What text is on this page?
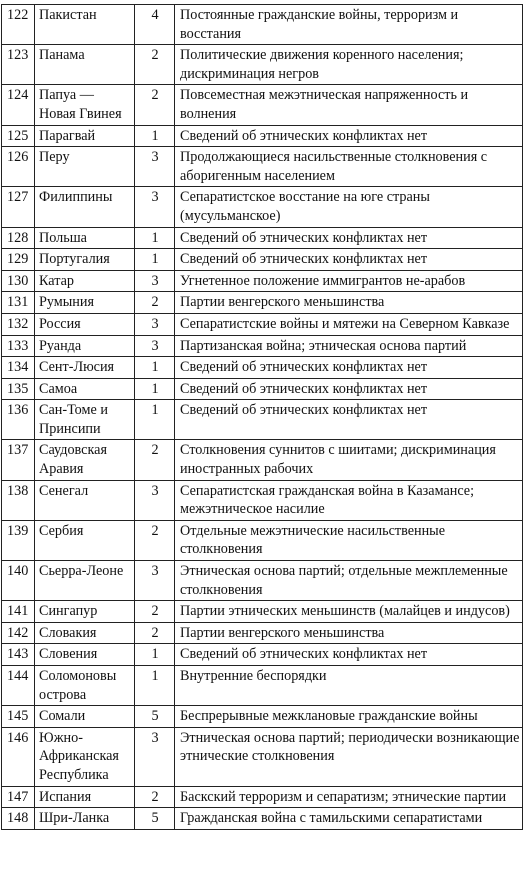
122	Пакистан	4	Постоянные гражданские войны, терроризм и восстания
123	Панама	2	Политические движения коренного населения; дискриминация негров
124	Папуа — Новая Гвинея	2	Повсеместная межэтническая напряженность и волнения
125	Парагвай	1	Сведений об этнических конфликтах нет
126	Перу	3	Продолжающиеся насильственные столкновения с аборигенным населением
127	Филиппины	3	Сепаратистское восстание на юге страны (мусульманское)
128	Польша	1	Сведений об этнических конфликтах нет
129	Португалия	1	Сведений об этнических конфликтах нет
130	Катар	3	Угнетенное положение иммигрантов не-арабов
131	Румыния	2	Партии венгерского меньшинства
132	Россия	3	Сепаратистские войны и мятежи на Северном Кавказе
133	Руанда	3	Партизанская война; этническая основа партий
134	Сент-Люсия	1	Сведений об этнических конфликтах нет
135	Самоа	1	Сведений об этнических конфликтах нет
136	Сан-Томе и Принсипи	1	Сведений об этнических конфликтах нет
137	Саудовская Аравия	2	Столкновения суннитов с шиитами; дискриминация иностранных рабочих
138	Сенегал	3	Сепаратистская гражданская война в Казамансе; межэтническое насилие
139	Сербия	2	Отдельные межэтнические насильственные столкновения
140	Сьерра-Леоне	3	Этническая основа партий; отдельные межплеменные столкновения
141	Сингапур	2	Партии этнических меньшинств (малайцев и индусов)
142	Словакия	2	Партии венгерского меньшинства
143	Словения	1	Сведений об этнических конфликтах нет
144	Соломоновы острова	1	Внутренние беспорядки
145	Сомали	5	Беспрерывные межклановые гражданские войны
146	Южно-Африканская Республика	3	Этническая основа партий; периодически возникающие этнические столкновения
147	Испания	2	Баскский терроризм и сепаратизм; этнические партии
148	Шри-Ланка	5	Гражданская война с тамильскими сепаратистами
